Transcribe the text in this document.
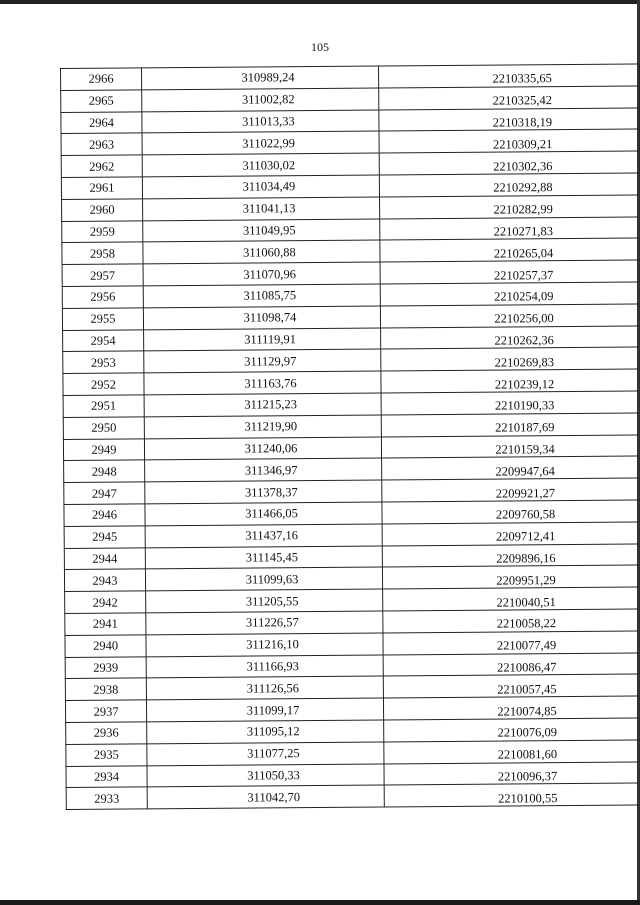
105
2966	310989,24	2210335,65
2965	311002,82	2210325,42
2964	311013,33	2210318,19
2963	311022,99	2210309,21
2962	311030,02	2210302,36
2961	311034,49	2210292,88
2960	311041,13	2210282,99
2959	311049,95	2210271,83
2958	311060,88	2210265,04
2957	311070,96	2210257,37
2956	311085,75	2210254,09
2955	311098,74	2210256,00
2954	311119,91	2210262,36
2953	311129,97	2210269,83
2952	311163,76	2210239,12
2951	311215,23	2210190,33
2950	311219,90	2210187,69
2949	311240,06	2210159,34
2948	311346,97	2209947,64
2947	311378,37	2209921,27
2946	311466,05	2209760,58
2945	311437,16	2209712,41
2944	311145,45	2209896,16
2943	311099,63	2209951,29
2942	311205,55	2210040,51
2941	311226,57	2210058,22
2940	311216,10	2210077,49
2939	311166,93	2210086,47
2938	311126,56	2210057,45
2937	311099,17	2210074,85
2936	311095,12	2210076,09
2935	311077,25	2210081,60
2934	311050,33	2210096,37
2933	311042,70	2210100,55
